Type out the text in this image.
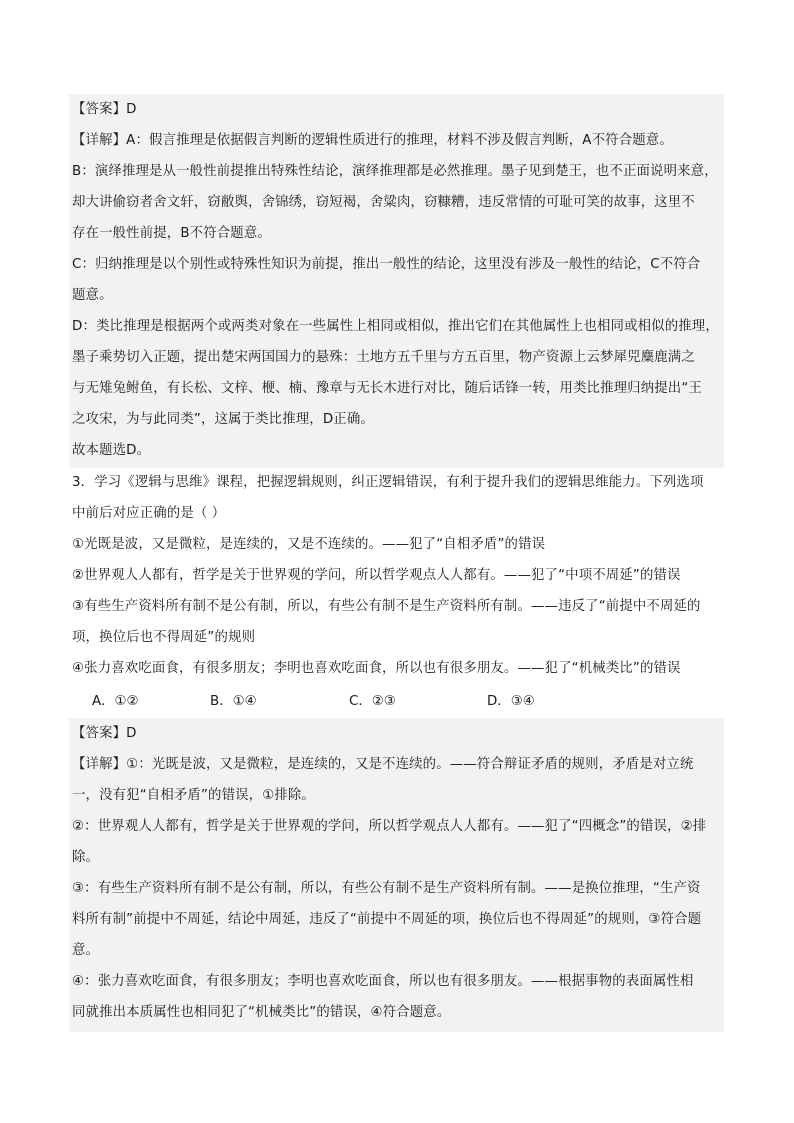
【答案】D
【详解】A：假言推理是依据假言判断的逻辑性质进行的推理，材料不涉及假言判断，A不符合题意。
B：演绎推理是从一般性前提推出特殊性结论，演绎推理都是必然推理。墨子见到楚王，也不正面说明来意，
却大讲偷窃者舍文轩，窃敝舆，舍锦绣，窃短褐，舍粱肉，窃糠糟，违反常情的可耻可笑的故事，这里不
存在一般性前提，B不符合题意。
C：归纳推理是以个别性或特殊性知识为前提，推出一般性的结论，这里没有涉及一般性的结论，C不符合
题意。
D：类比推理是根据两个或两类对象在一些属性上相同或相似，推出它们在其他属性上也相同或相似的推理，
墨子乘势切入正题，提出楚宋两国国力的悬殊：土地方五千里与方五百里，物产资源上云梦犀兕麋鹿满之
与无雉兔鲋鱼，有长松、文梓、楩、楠、豫章与无长木进行对比，随后话锋一转，用类比推理归纳提出“王
之攻宋，为与此同类”，这属于类比推理，D正确。
故本题选D。
3．学习《逻辑与思维》课程，把握逻辑规则，纠正逻辑错误，有利于提升我们的逻辑思维能力。下列选项
中前后对应正确的是（ ）
①光既是波，又是微粒，是连续的，又是不连续的。——犯了“自相矛盾”的错误
②世界观人人都有，哲学是关于世界观的学问，所以哲学观点人人都有。——犯了“中项不周延”的错误
③有些生产资料所有制不是公有制，所以，有些公有制不是生产资料所有制。——违反了“前提中不周延的
项，换位后也不得周延”的规则
④张力喜欢吃面食，有很多朋友；李明也喜欢吃面食，所以也有很多朋友。——犯了“机械类比”的错误
A．①②	B．①④	C．②③	D．③④
【答案】D
【详解】①：光既是波，又是微粒，是连续的，又是不连续的。——符合辩证矛盾的规则，矛盾是对立统
一，没有犯“自相矛盾”的错误，①排除。
②：世界观人人都有，哲学是关于世界观的学问，所以哲学观点人人都有。——犯了“四概念”的错误，②排
除。
③：有些生产资料所有制不是公有制，所以，有些公有制不是生产资料所有制。——是换位推理，“生产资
料所有制”前提中不周延，结论中周延，违反了“前提中不周延的项，换位后也不得周延”的规则，③符合题
意。
④：张力喜欢吃面食，有很多朋友；李明也喜欢吃面食，所以也有很多朋友。——根据事物的表面属性相
同就推出本质属性也相同犯了“机械类比”的错误，④符合题意。
